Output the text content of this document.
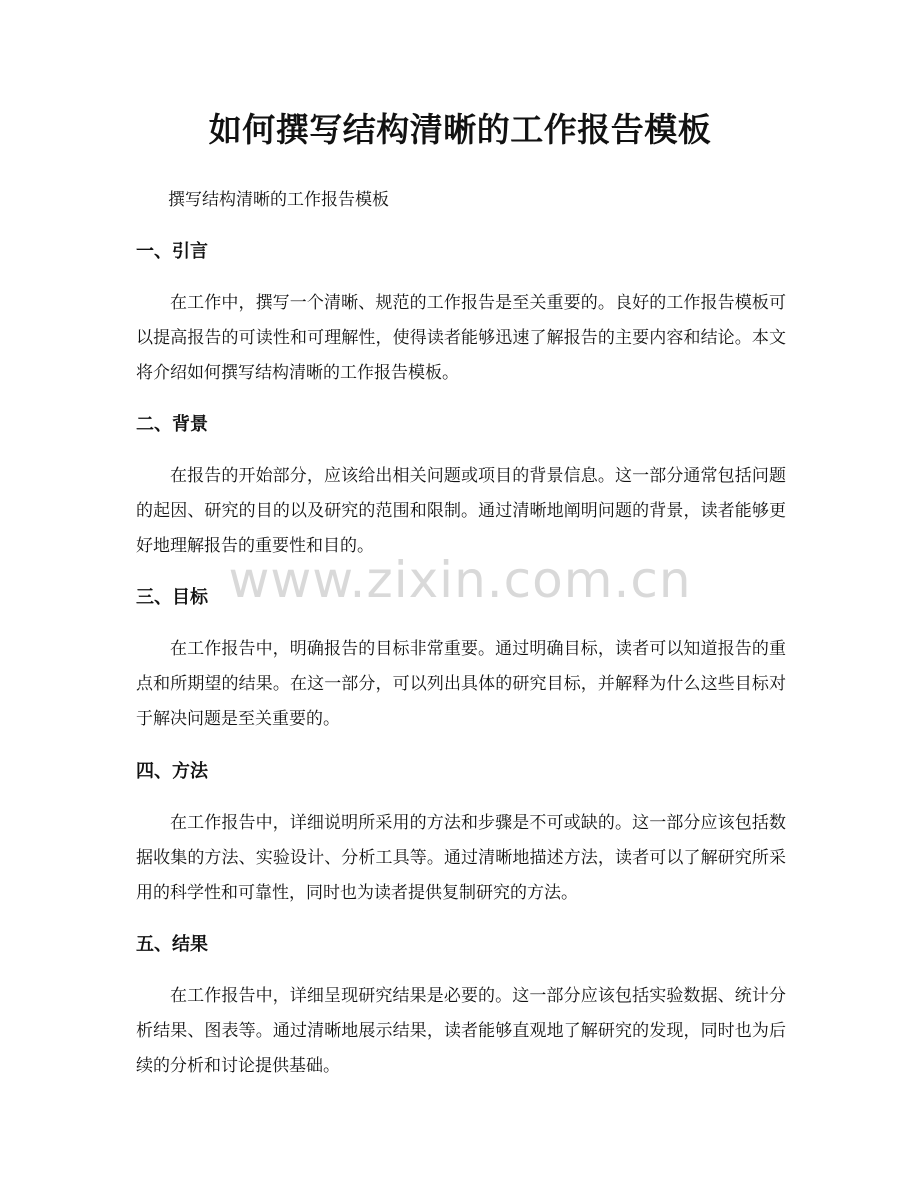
如何撰写结构清晰的工作报告模板
撰写结构清晰的工作报告模板
一、引言
在工作中，撰写一个清晰、规范的工作报告是至关重要的。良好的工作报告模板可以提高报告的可读性和可理解性，使得读者能够迅速了解报告的主要内容和结论。本文将介绍如何撰写结构清晰的工作报告模板。
二、背景
在报告的开始部分，应该给出相关问题或项目的背景信息。这一部分通常包括问题的起因、研究的目的以及研究的范围和限制。通过清晰地阐明问题的背景，读者能够更好地理解报告的重要性和目的。
三、目标
在工作报告中，明确报告的目标非常重要。通过明确目标，读者可以知道报告的重点和所期望的结果。在这一部分，可以列出具体的研究目标，并解释为什么这些目标对于解决问题是至关重要的。
四、方法
在工作报告中，详细说明所采用的方法和步骤是不可或缺的。这一部分应该包括数据收集的方法、实验设计、分析工具等。通过清晰地描述方法，读者可以了解研究所采用的科学性和可靠性，同时也为读者提供复制研究的方法。
五、结果
在工作报告中，详细呈现研究结果是必要的。这一部分应该包括实验数据、统计分析结果、图表等。通过清晰地展示结果，读者能够直观地了解研究的发现，同时也为后续的分析和讨论提供基础。
www.zixin.com.cn
